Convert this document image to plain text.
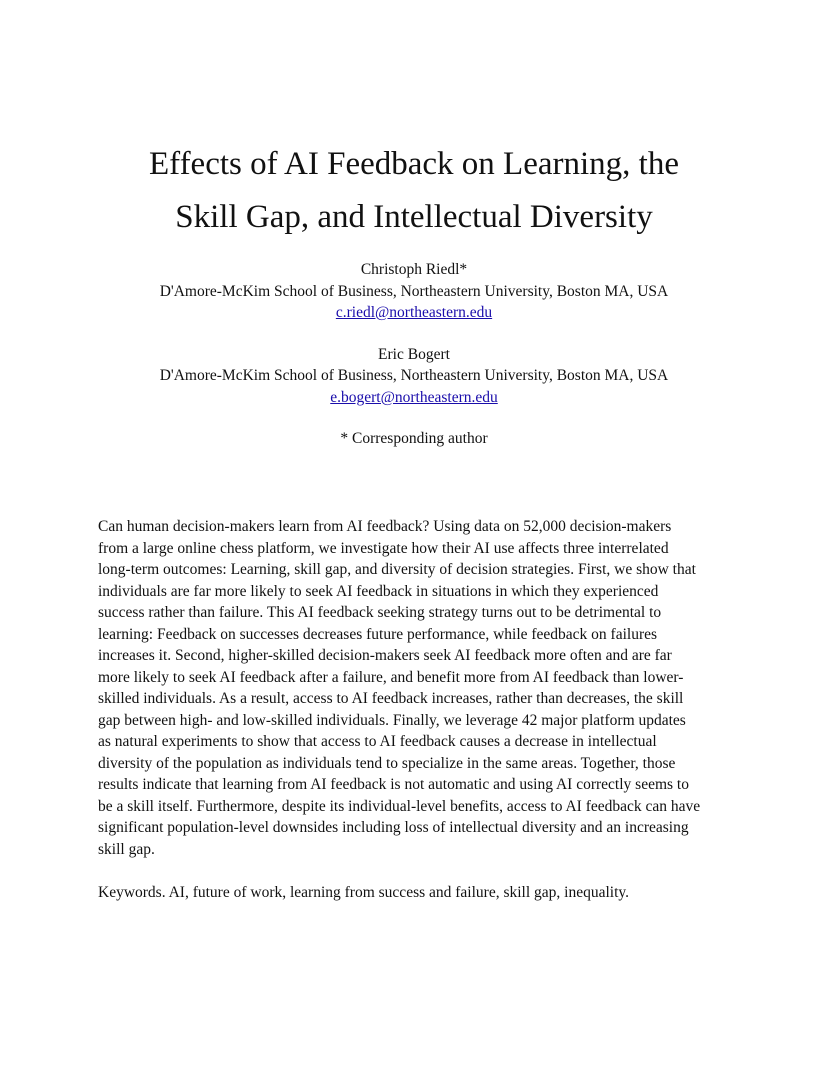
Effects of AI Feedback on Learning, the
Skill Gap, and Intellectual Diversity
Christoph Riedl*
D'Amore-McKim School of Business, Northeastern University, Boston MA, USA
c.riedl@northeastern.edu
Eric Bogert
D'Amore-McKim School of Business, Northeastern University, Boston MA, USA
e.bogert@northeastern.edu
* Corresponding author

Can human decision-makers learn from AI feedback? Using data on 52,000 decision-makers
from a large online chess platform, we investigate how their AI use affects three interrelated
long-term outcomes: Learning, skill gap, and diversity of decision strategies. First, we show that
individuals are far more likely to seek AI feedback in situations in which they experienced
success rather than failure. This AI feedback seeking strategy turns out to be detrimental to
learning: Feedback on successes decreases future performance, while feedback on failures
increases it. Second, higher-skilled decision-makers seek AI feedback more often and are far
more likely to seek AI feedback after a failure, and benefit more from AI feedback than lower-
skilled individuals. As a result, access to AI feedback increases, rather than decreases, the skill
gap between high- and low-skilled individuals. Finally, we leverage 42 major platform updates
as natural experiments to show that access to AI feedback causes a decrease in intellectual
diversity of the population as individuals tend to specialize in the same areas. Together, those
results indicate that learning from AI feedback is not automatic and using AI correctly seems to
be a skill itself. Furthermore, despite its individual-level benefits, access to AI feedback can have
significant population-level downsides including loss of intellectual diversity and an increasing
skill gap.

Keywords. AI, future of work, learning from success and failure, skill gap, inequality.
